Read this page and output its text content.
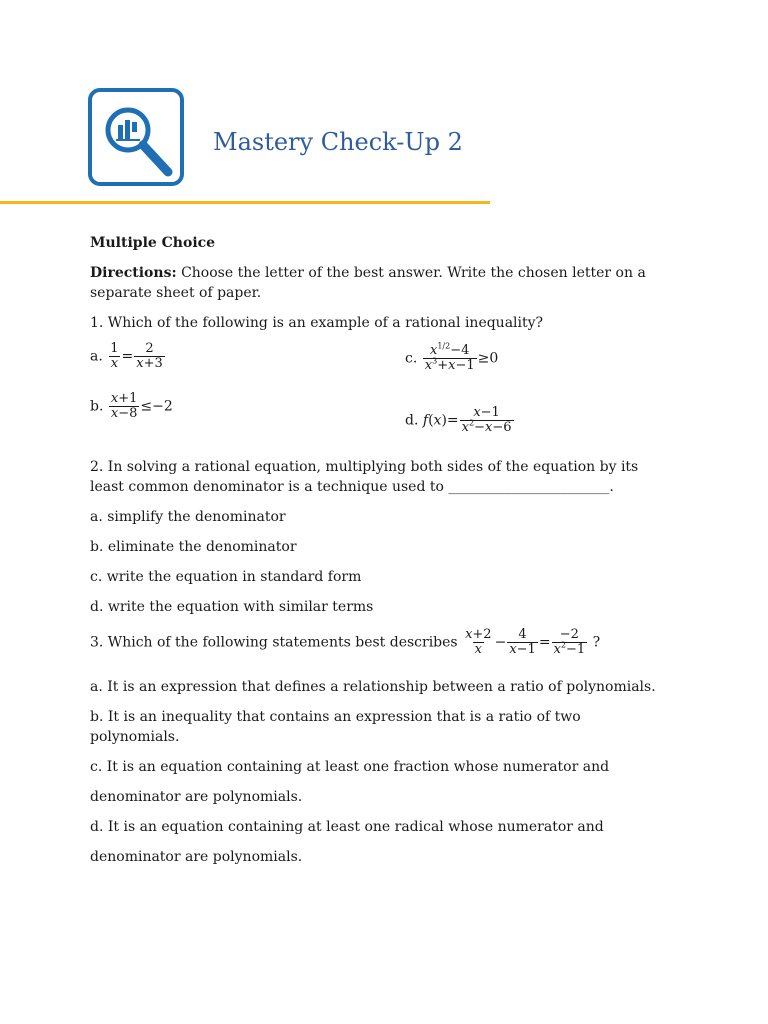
Mastery Check-Up 2
Multiple Choice
Directions: Choose the letter of the best answer. Write the chosen letter on a
separate sheet of paper.
1. Which of the following is an example of a rational inequality?
a. $\frac{1}{x} = \frac{2}{x+3}$
b. $\frac{x+1}{x-8} \le-2$
c. $\frac{x^{1/2}-4}{x^3+x-1} \ge 0$
d. $f(x)= \frac{x-1}{x^2-x-6}$
2. In solving a rational equation, multiplying both sides of the equation by its
least common denominator is a technique used to _______________________.
a. simplify the denominator
b. eliminate the denominator
c. write the equation in standard form
d. write the equation with similar terms
3. Which of the following statements best describes $\frac{x+2}{x} - \frac{4}{x-1} = \frac{-2}{x^2-1}$ ?
a. It is an expression that defines a relationship between a ratio of polynomials.
b. It is an inequality that contains an expression that is a ratio of two
polynomials.
c. It is an equation containing at least one fraction whose numerator and
denominator are polynomials.
d. It is an equation containing at least one radical whose numerator and
denominator are polynomials.
